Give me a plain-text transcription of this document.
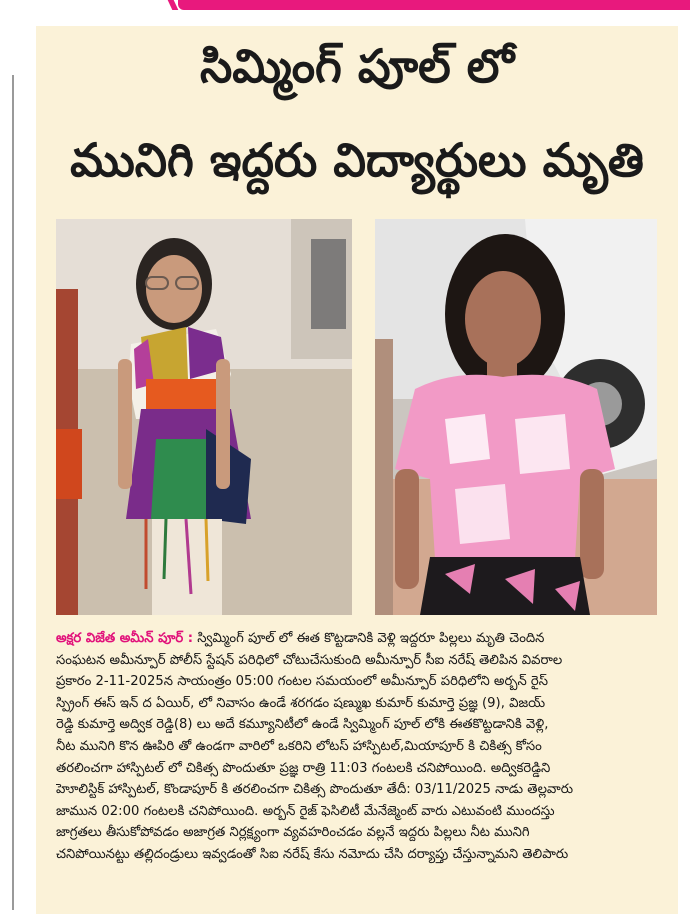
సిమ్మింగ్ పూల్ లో
మునిగి ఇద్దరు విద్యార్థులు మృతి
అక్షర విజేత అమీన్ పూర్ : స్విమ్మింగ్ పూల్ లో ఈత కొట్టడానికి వెళ్లి ఇద్దరూ పిల్లలు మృతి చెందిన
సంఘటన అమీన్పూర్ పోలీస్ స్టేషన్ పరిధిలో చోటుచేసుకుంది అమీన్పూర్ సీఐ నరేష్ తెలిపిన వివరాల
ప్రకారం 2-11-2025న సాయంత్రం 05:00 గంటల సమయంలో అమీన్పూర్ పరిధిలోని అర్బన్ రైస్
స్ప్రింగ్ ఈస్ ఇన్ ద ఏయిర్, లో నివాసం ఉండే శరగడం షణ్ముఖ కుమార్ కుమార్తె ప్రజ్ఞ (9), విజయ్
రెడ్డి కుమార్తె అద్విక రెడ్డి(8) లు అదే కమ్యూనిటీలో ఉండే స్విమ్మింగ్ పూల్ లోకి ఈతకొట్టడానికి వెళ్లి,
నీట మునిగి కొన ఊపిరి తో ఉండగా వారిలో ఒకరిని లోటస్ హాస్పిటల్,మియాపూర్ కి చికిత్స కోసం
తరలించగా హాస్పిటల్ లో చికిత్స పొందుతూ ప్రజ్ఞ రాత్రి 11:03 గంటలకి చనిపోయింది. అద్వికరెడ్డిని
హెూలిస్టిక్ హాస్పిటల్, కొండాపూర్ కి తరలించగా చికిత్స పొందుతూ తేదీ: 03/11/2025 నాడు తెల్లవారు
జామున 02:00 గంటలకి చనిపోయింది. అర్బన్ రైజ్ ఫెసిలిటీ మేనేజ్మెంట్ వారు ఎటువంటి ముందస్తు
జాగ్రతలు తీసుకోపోవడం అజాగ్రత నిర్లక్ష్యంగా వ్యవహరించడం వల్లనే ఇద్దరు పిల్లలు నీట మునిగి
చనిపోయినట్టు తల్లిదండ్రులు ఇవ్వడంతో సిఐ నరేష్ కేసు నమోదు చేసి దర్యాప్తు చేస్తున్నామని తెలిపారు
